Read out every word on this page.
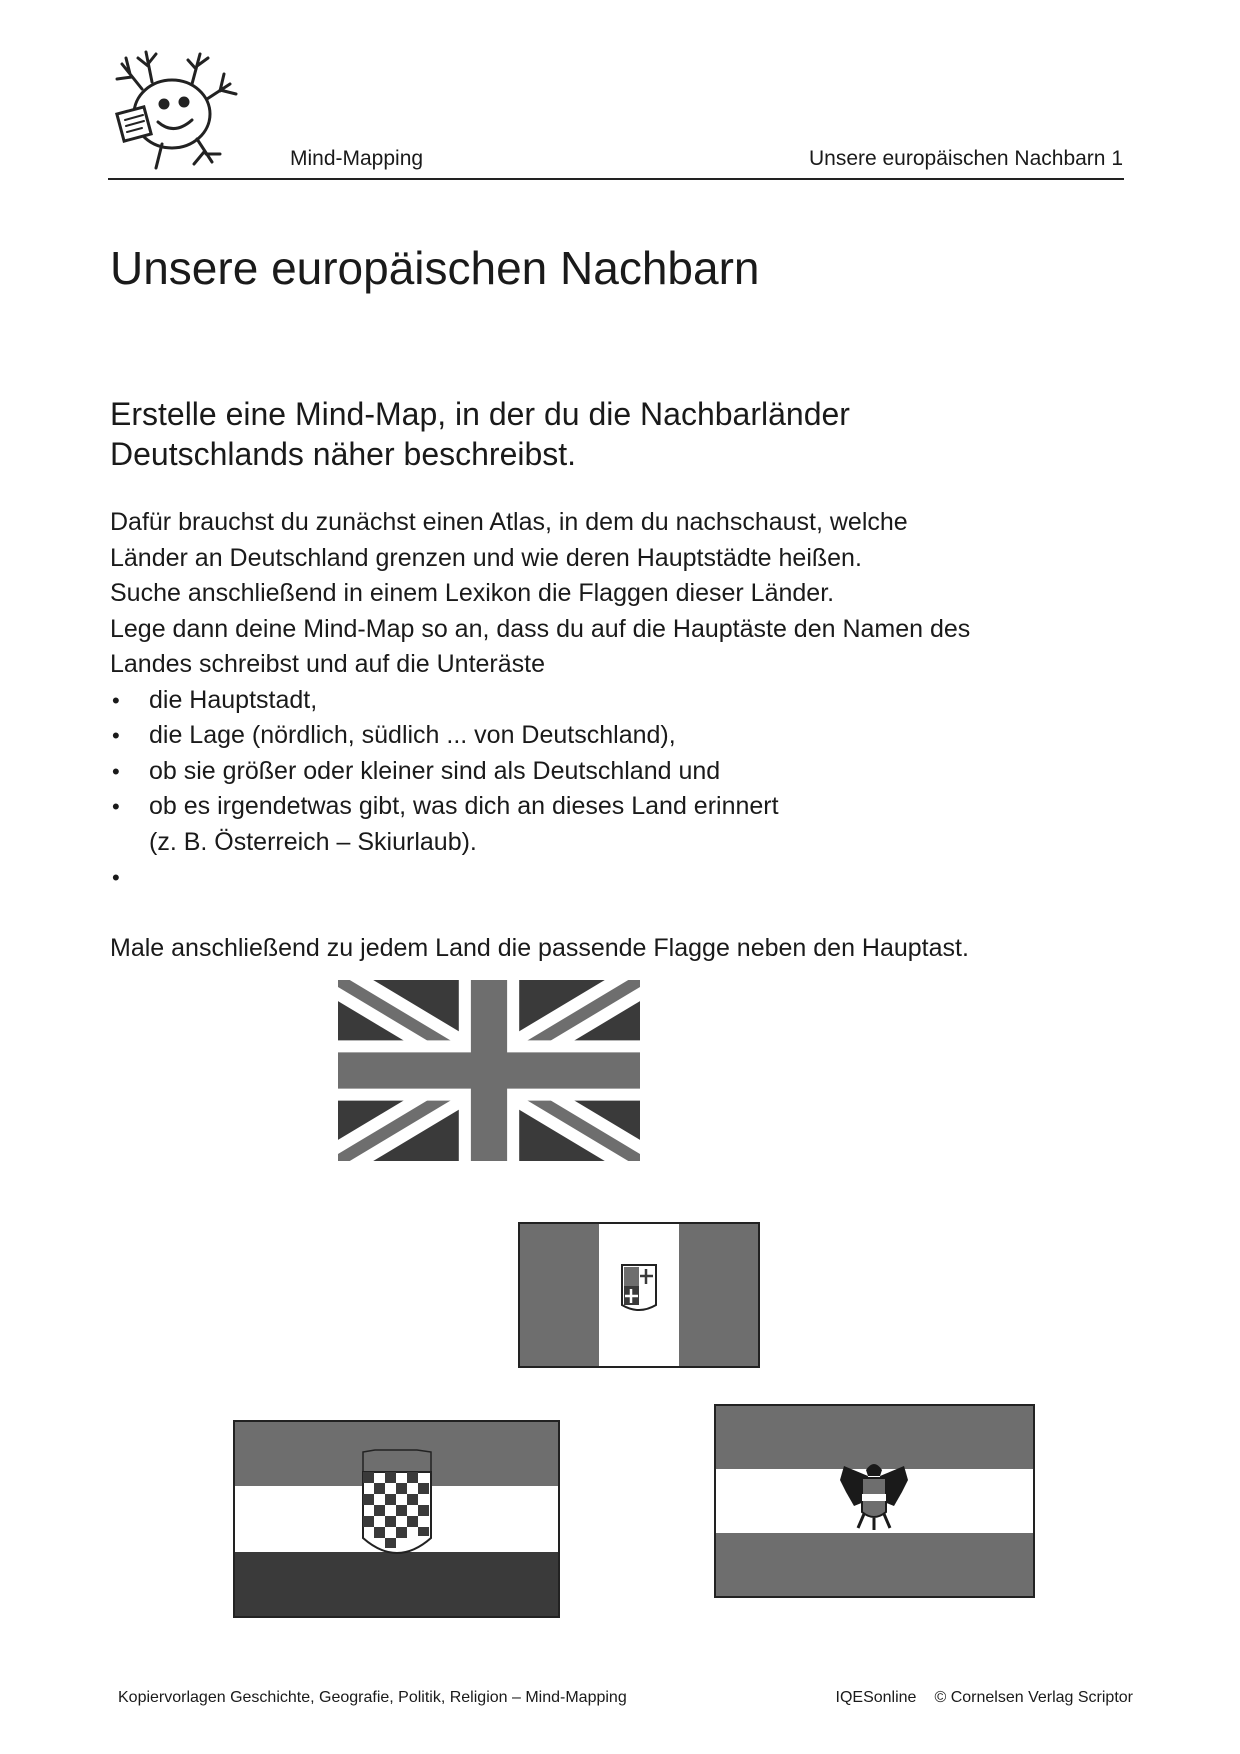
Mind-Mapping	Unsere europäischen Nachbarn 1
Unsere europäischen Nachbarn
Erstelle eine Mind-Map, in der du die Nachbarländer
Deutschlands näher beschreibst.

Dafür brauchst du zunächst einen Atlas, in dem du nachschaust, welche

Länder an Deutschland grenzen und wie deren Hauptstädte heißen.

Suche anschließend in einem Lexikon die Flaggen dieser Länder.

Lege dann deine Mind-Map so an, dass du auf die Hauptäste den Namen des

Landes schreibst und auf die Unteräste

• die Hauptstadt,
• die Lage (nördlich, südlich ... von Deutschland),
• ob sie größer oder kleiner sind als Deutschland und
• ob es irgendetwas gibt, was dich an dieses Land erinnert
(z. B. Österreich – Skiurlaub).
•
Male anschließend zu jedem Land die passende Flagge neben den Hauptast.
Kopiervorlagen Geschichte, Geografie, Politik, Religion – Mind-Mapping	IQESonline © Cornelsen Verlag Scriptor
